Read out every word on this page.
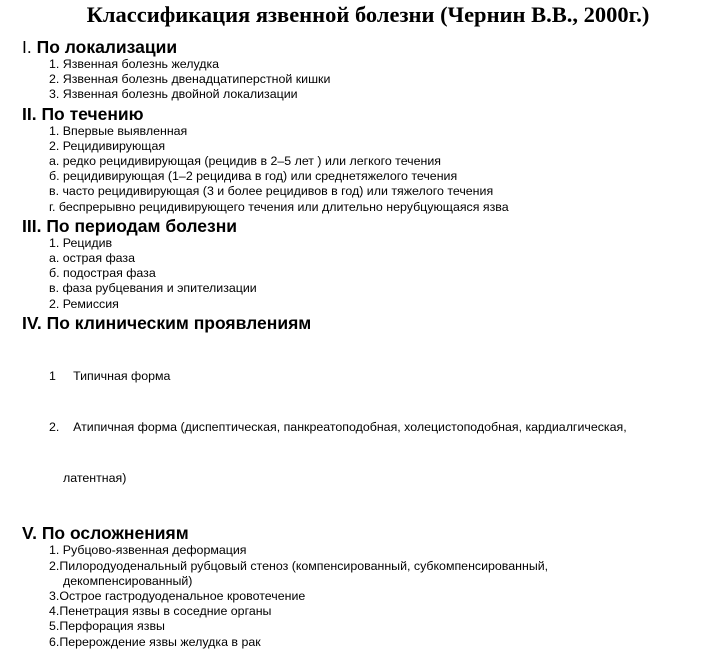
Классификация язвенной болезни (Чернин В.В., 2000г.)
I. По локализации
1. Язвенная болезнь желудка
2. Язвенная болезнь двенадцатиперстной кишки
3. Язвенная болезнь двойной локализации
II. По течению
1. Впервые выявленная
2. Рецидивирующая
а. редко рецидивирующая (рецидив в 2–5 лет ) или легкого течения
б. рецидивирующая (1–2 рецидива в год) или среднетяжелого течения
в. часто рецидивирующая (3 и более рецидивов в год) или тяжелого течения
г. беспрерывно рецидивирующего течения или длительно нерубцующаяся язва
III. По периодам болезни
1. Рецидив
а. острая фаза
б. подострая фаза
в. фаза рубцевания и эпителизации
2. Ремиссия
IV. По клиническим проявлениям

1     Типичная форма

2.    Атипичная форма (диспептическая, панкреатоподобная, холецистоподобная, кардиалгическая,

латентная)

V. По осложнениям
1. Рубцово-язвенная деформация
2.Пилородуоденальный рубцовый стеноз (компенсированный, субкомпенсированный,
декомпенсированный)
3.Острое гастродуоденальное кровотечение
4.Пенетрация язвы в соседние органы
5.Перфорация язвы
6.Перерождение язвы желудка в рак
